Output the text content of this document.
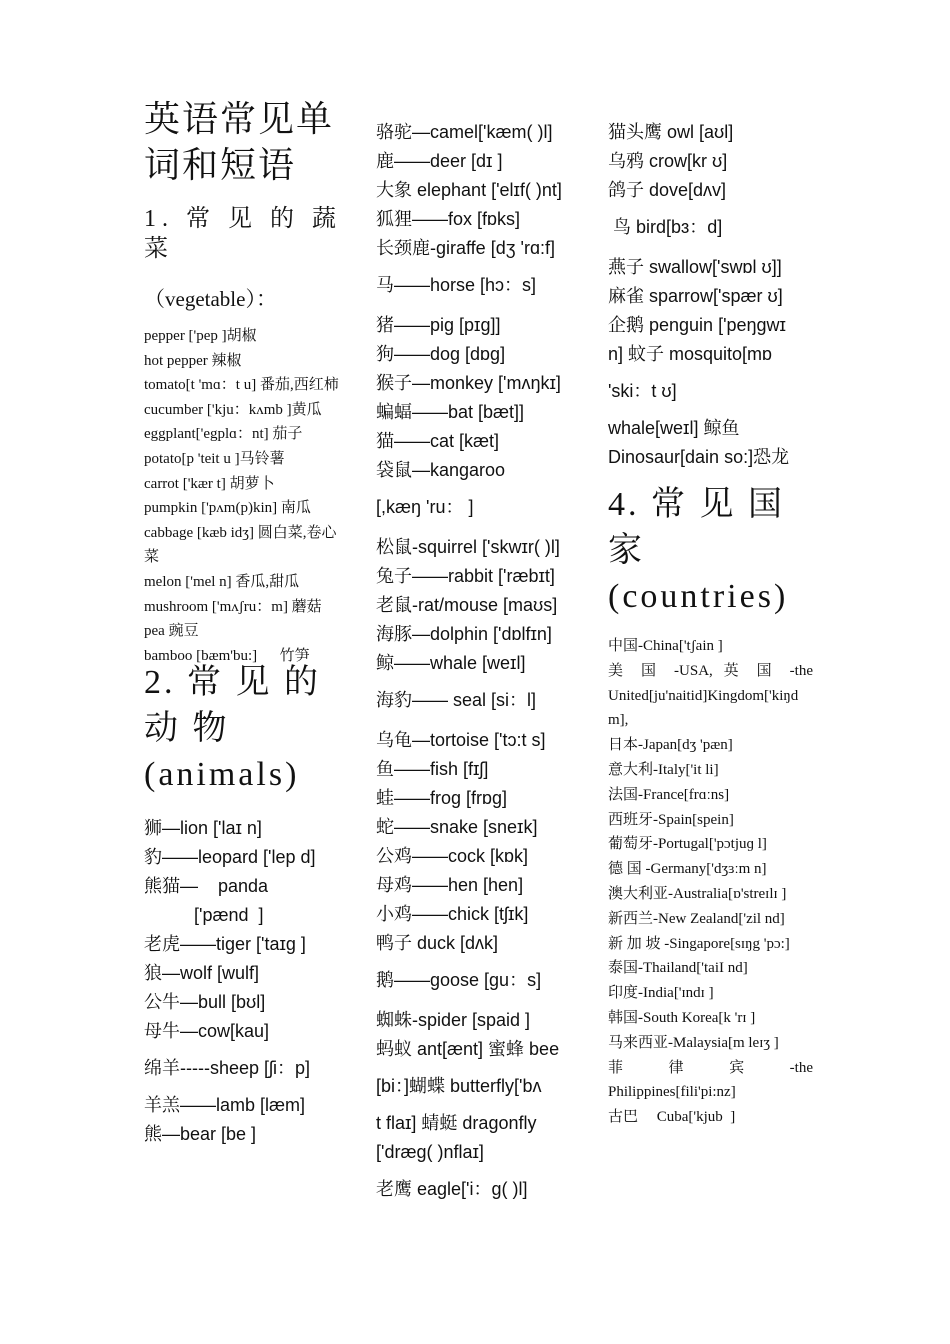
英语常见单词和短语
1. 常 见 的 蔬 菜
（vegetable）：
pepper ['pep ]胡椒
hot pepper 辣椒
tomato[t 'mɑ：t u] 番茄,西红柿
cucumber ['kju：kʌmb ]黄瓜
eggplant['egplɑ：nt] 茄子
potato[p 'teit u ]马铃薯
carrot ['kær t] 胡萝卜
pumpkin ['pʌm(p)kin] 南瓜
cabbage [kæb idʒ] 圆白菜,卷心菜
melon ['mel n] 香瓜,甜瓜
mushroom ['mʌʃru：m] 蘑菇
pea 豌豆
bamboo [bæm'bu:]      竹笋
2. 常 见 的 动 物(animals)
狮—lion ['laɪ n]
豹——leopard ['lep d]
熊猫—    panda
['pænd  ]
老虎——tiger ['taɪg ]
狼—wolf [wulf]
公牛—bull [bʊl]
母牛—cow[kau]
绵羊-----sheep [ʃi：p]
羊羔——lamb [læm]
熊—bear [be ]
骆驼—camel['kæm( )l]
鹿——deer [dɪ ]
大象 elephant ['elɪf( )nt]
狐狸——fox [fɒks]
长颈鹿-giraffe [dʒ 'rɑ:f]
马——horse [hɔ：s]
猪——pig [pɪg]]
狗——dog [dɒg]
猴子—monkey ['mʌŋkɪ]
蝙蝠——bat [bæt]]
猫——cat [kæt]
袋鼠—kangaroo
[,kæŋ 'ru： ]
松鼠-squirrel ['skwɪr( )l]
兔子——rabbit ['ræbɪt]
老鼠-rat/mouse [maʊs]
海豚—dolphin ['dɒlfɪn]
鲸——whale [weɪl]
海豹—— seal [si：l]
乌龟—tortoise ['tɔ:t s]
鱼——fish [fɪʃ]
蛙——frog [frɒg]
蛇——snake [sneɪk]
公鸡——cock [kɒk]
母鸡——hen [hen]
小鸡——chick [tʃɪk]
鸭子 duck [dʌk]
鹅——goose [gu：s]
蜘蛛-spider [spaid ]
蚂蚁 ant[ænt] 蜜蜂 bee
[bi：]蝴蝶 butterfly['bʌ
t flaɪ] 蜻蜓 dragonfly
['dræg( )nflaɪ]
老鹰 eagle['i：g( )l]
猫头鹰 owl [aʊl]
乌鸦 crow[kr ʊ]
鸽子 dove[dʌv]
鸟 bird[bɜ：d]
燕子 swallow['swɒl ʊ]]
麻雀 sparrow['spær ʊ]
企鹅 penguin ['peŋgwɪ
n] 蚊子 mosquito[mɒ
'ski：t ʊ]
whale[weɪl] 鲸鱼
Dinosaur[dain so:]恐龙
4. 常 见 国 家 (countries)
中国-China['tʃain ]
美 国 -USA, 英 国 -the United[ju'naitid]Kingdom['kiŋd m],
日本-Japan[dʒ 'pæn]
意大利-Italy['it li]
法国-France[frɑːns]
西班牙-Spain[spein]
葡萄牙-Portugal['pɔtjuɡ l]
德 国 -Germany['dʒɜːm n]
澳大利亚-Australia[ɒ'streɪlɪ ]
新西兰-New Zealand['zil nd]
新 加 坡 -Singapore[sɪŋg 'pɔ:]
泰国-Thailand['taiI nd]
印度-India['ɪndɪ ]
韩国-South Korea[k 'rɪ ]
马来西亚-Malaysia[m leɪʒ ]
菲 律 宾 -the Philippines[fili'pi:nz]
古巴     Cuba['kjub  ]
